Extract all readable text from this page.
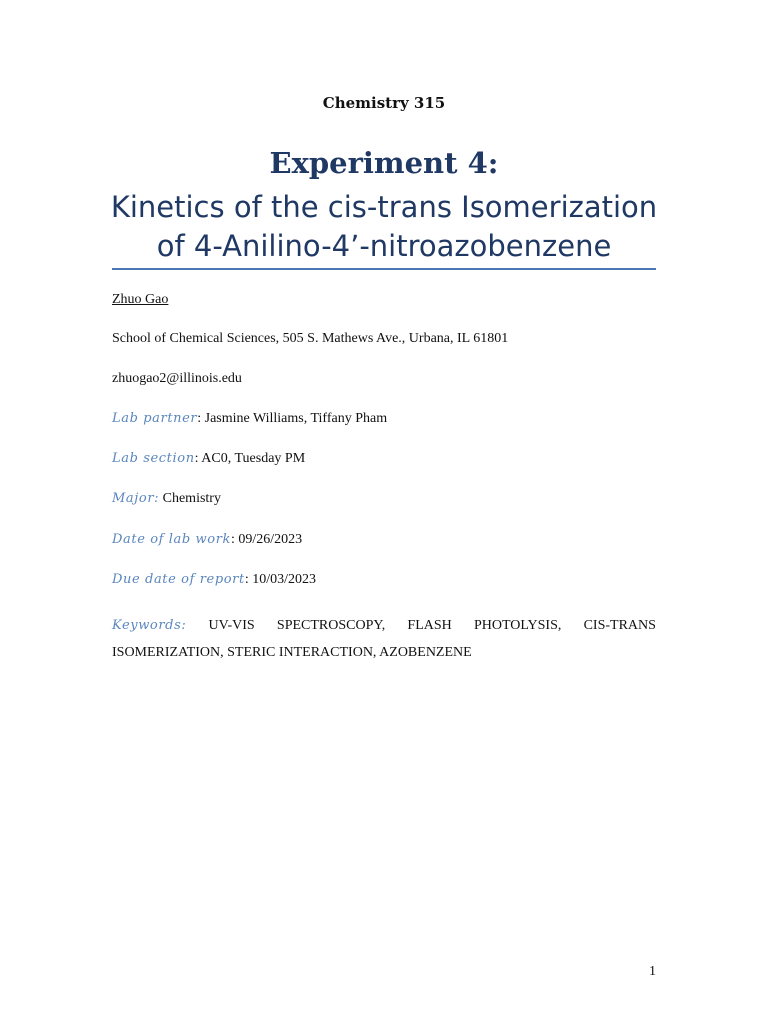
Chemistry 315
Experiment 4:
Kinetics of the cis-trans Isomerization
of 4-Anilino-4’-nitroazobenzene
Zhuo Gao
School of Chemical Sciences, 505 S. Mathews Ave., Urbana, IL 61801
zhuogao2@illinois.edu
Lab partner: Jasmine Williams, Tiffany Pham
Lab section: AC0, Tuesday PM
Major: Chemistry
Date of lab work: 09/26/2023
Due date of report: 10/03/2023
Keywords: UV-VIS SPECTROSCOPY, FLASH PHOTOLYSIS, CIS-TRANS
ISOMERIZATION, STERIC INTERACTION, AZOBENZENE
1
